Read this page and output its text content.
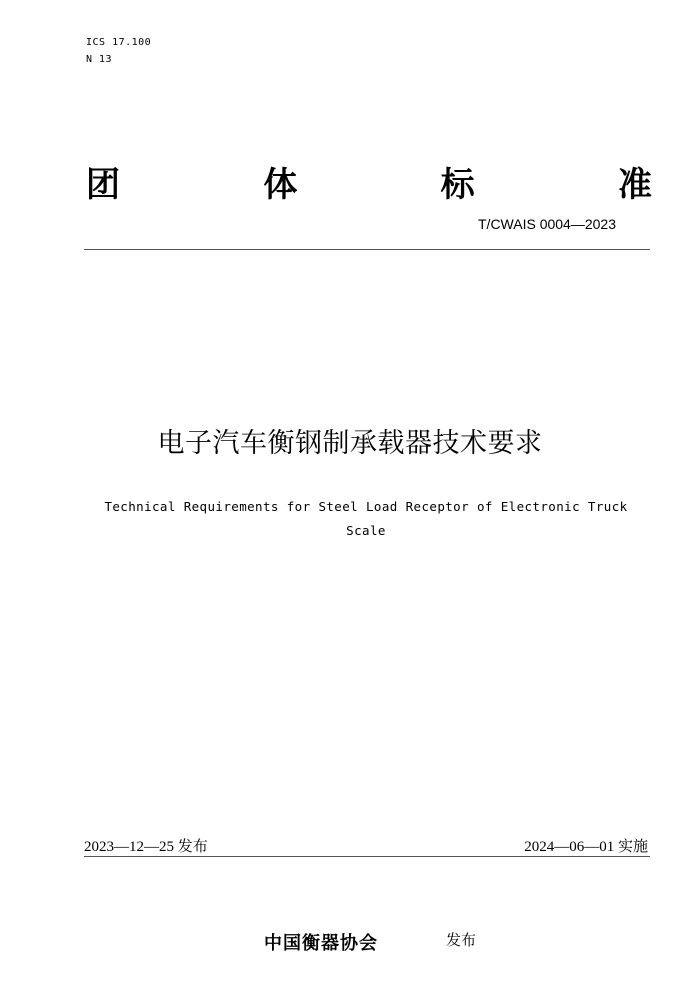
ICS 17.100
N 13
团	体	标	准
T/CWAIS 0004—2023
电子汽车衡钢制承载器技术要求
Technical Requirements for Steel Load Receptor of Electronic Truck Scale
2023—12—25 发布	2024—06—01 实施
中国衡器协会	发布
